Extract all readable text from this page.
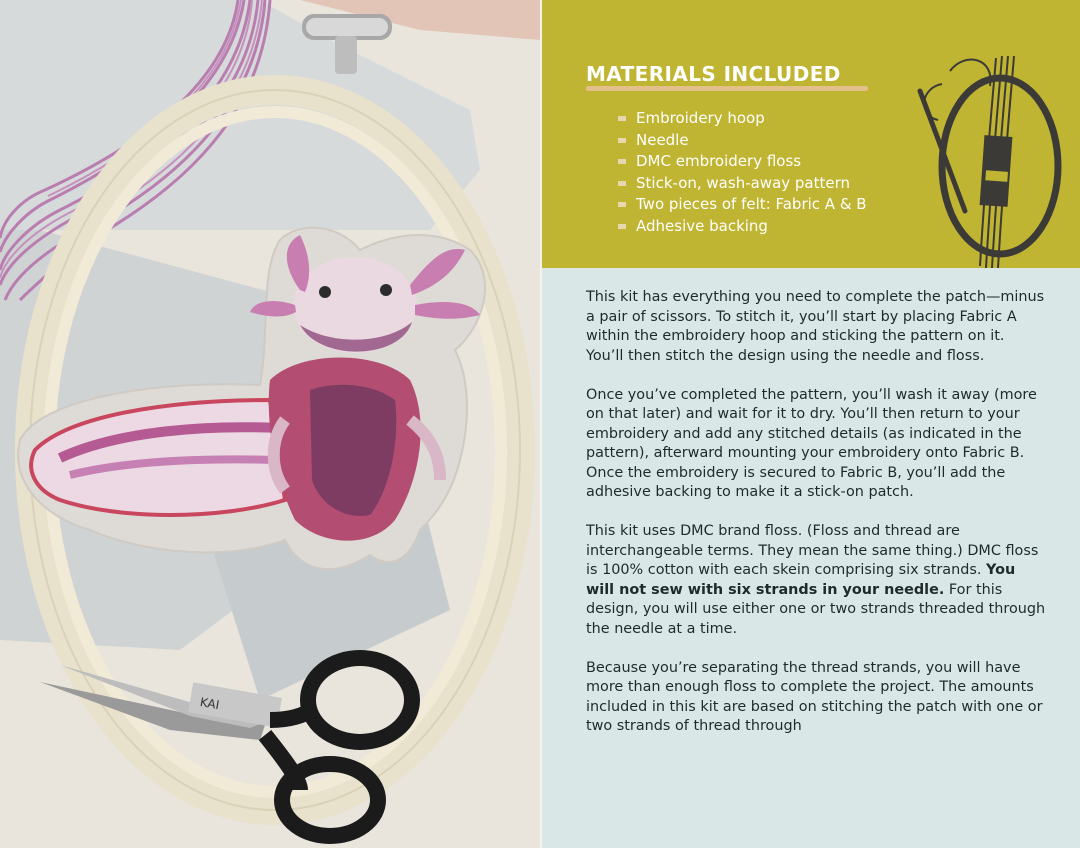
KAI
MATERIALS INCLUDED
Embroidery hoop
Needle
DMC embroidery floss
Stick-on, wash-away pattern
Two pieces of felt: Fabric A & B
Adhesive backing

This kit has everything you need to complete the patch—minus a pair of scissors. To stitch it, you’ll start by placing Fabric A within the embroidery hoop and sticking the pattern on it. You’ll then stitch the design using the needle and floss.

Once you’ve completed the pattern, you’ll wash it away (more on that later) and wait for it to dry. You’ll then return to your embroidery and add any stitched details (as indicated in the pattern), afterward mounting your embroidery onto Fabric B. Once the embroidery is secured to Fabric B, you’ll add the adhesive backing to make it a stick-on patch.

This kit uses DMC brand floss. (Floss and thread are interchangeable terms. They mean the same thing.) DMC floss is 100% cotton with each skein comprising six strands. You will not sew with six strands in your needle. For this design, you will use either one or two strands threaded through the needle at a time.

Because you’re separating the thread strands, you will have more than enough floss to complete the project. The amounts included in this kit are based on stitching the patch with one or two strands of thread through
